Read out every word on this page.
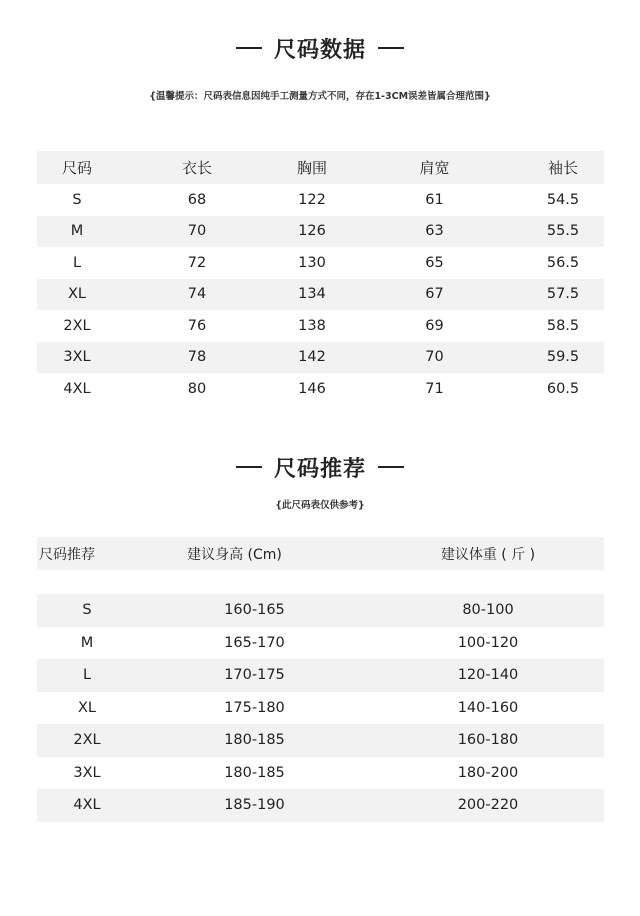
尺码数据
{温馨提示：尺码表信息因纯手工测量方式不同，存在1-3CM误差皆属合理范围}
尺码	衣长	胸围	肩宽	袖长
S	68	122	61	54.5
M	70	126	63	55.5
L	72	130	65	56.5
XL	74	134	67	57.5
2XL	76	138	69	58.5
3XL	78	142	70	59.5
4XL	80	146	71	60.5
尺码推荐
{此尺码表仅供参考}
尺码推荐	建议身高 (Cm)	建议体重 ( 斤 )
S	160-165	80-100
M	165-170	100-120
L	170-175	120-140
XL	175-180	140-160
2XL	180-185	160-180
3XL	180-185	180-200
4XL	185-190	200-220
